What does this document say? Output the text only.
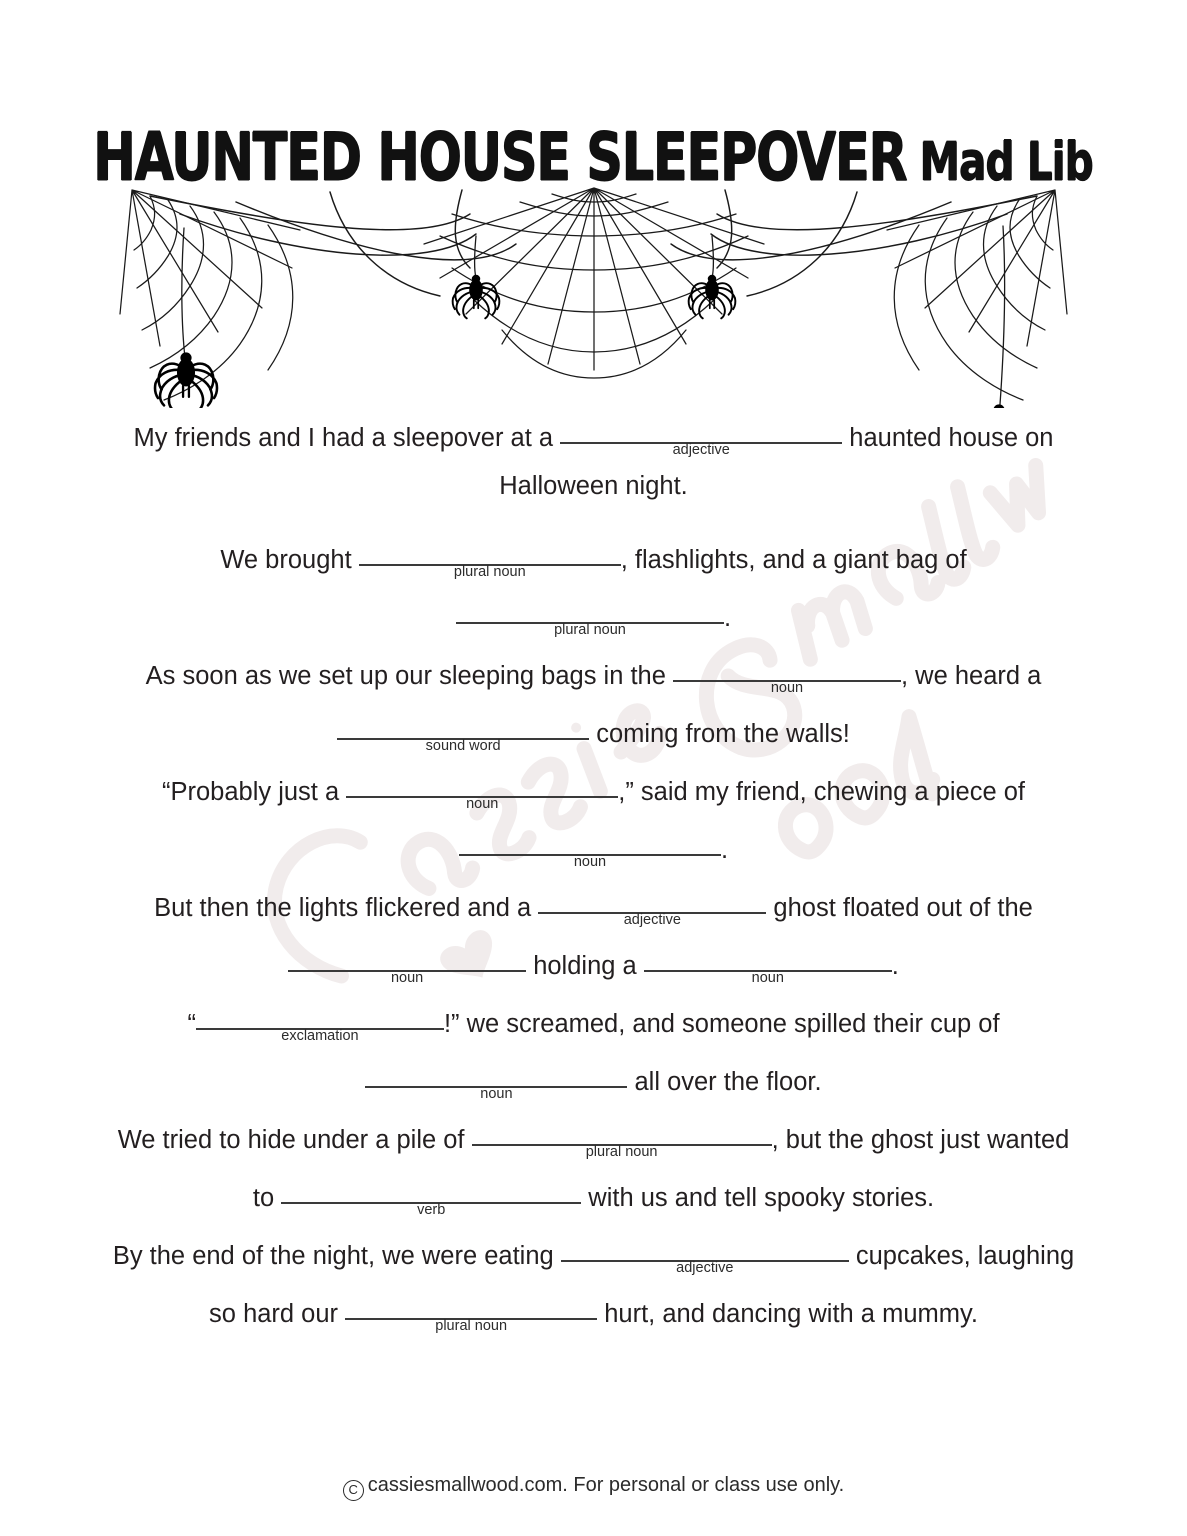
HAUNTED HOUSE SLEEPOVER Mad Lib
My friends and I had a sleepover at a	adjective	haunted house on
Halloween night.
We brought	plural noun	, flashlights, and a giant bag of
plural noun	.
As soon as we set up our sleeping bags in the	noun	, we heard a
sound word	coming from the walls!
“Probably just a	noun	,” said my friend, chewing a piece of
noun	.
But then the lights flickered and a	adjective	ghost floated out of the
noun	holding a	noun	.
“	exclamation	!” we screamed, and someone spilled their cup of
noun	all over the floor.
We tried to hide under a pile of	plural noun	, but the ghost just wanted
to	verb	with us and tell spooky stories.
By the end of the night, we were eating	adjective	cupcakes, laughing
so hard our	plural noun	hurt, and dancing with a mummy.
C cassiesmallwood.com. For personal or class use only.
